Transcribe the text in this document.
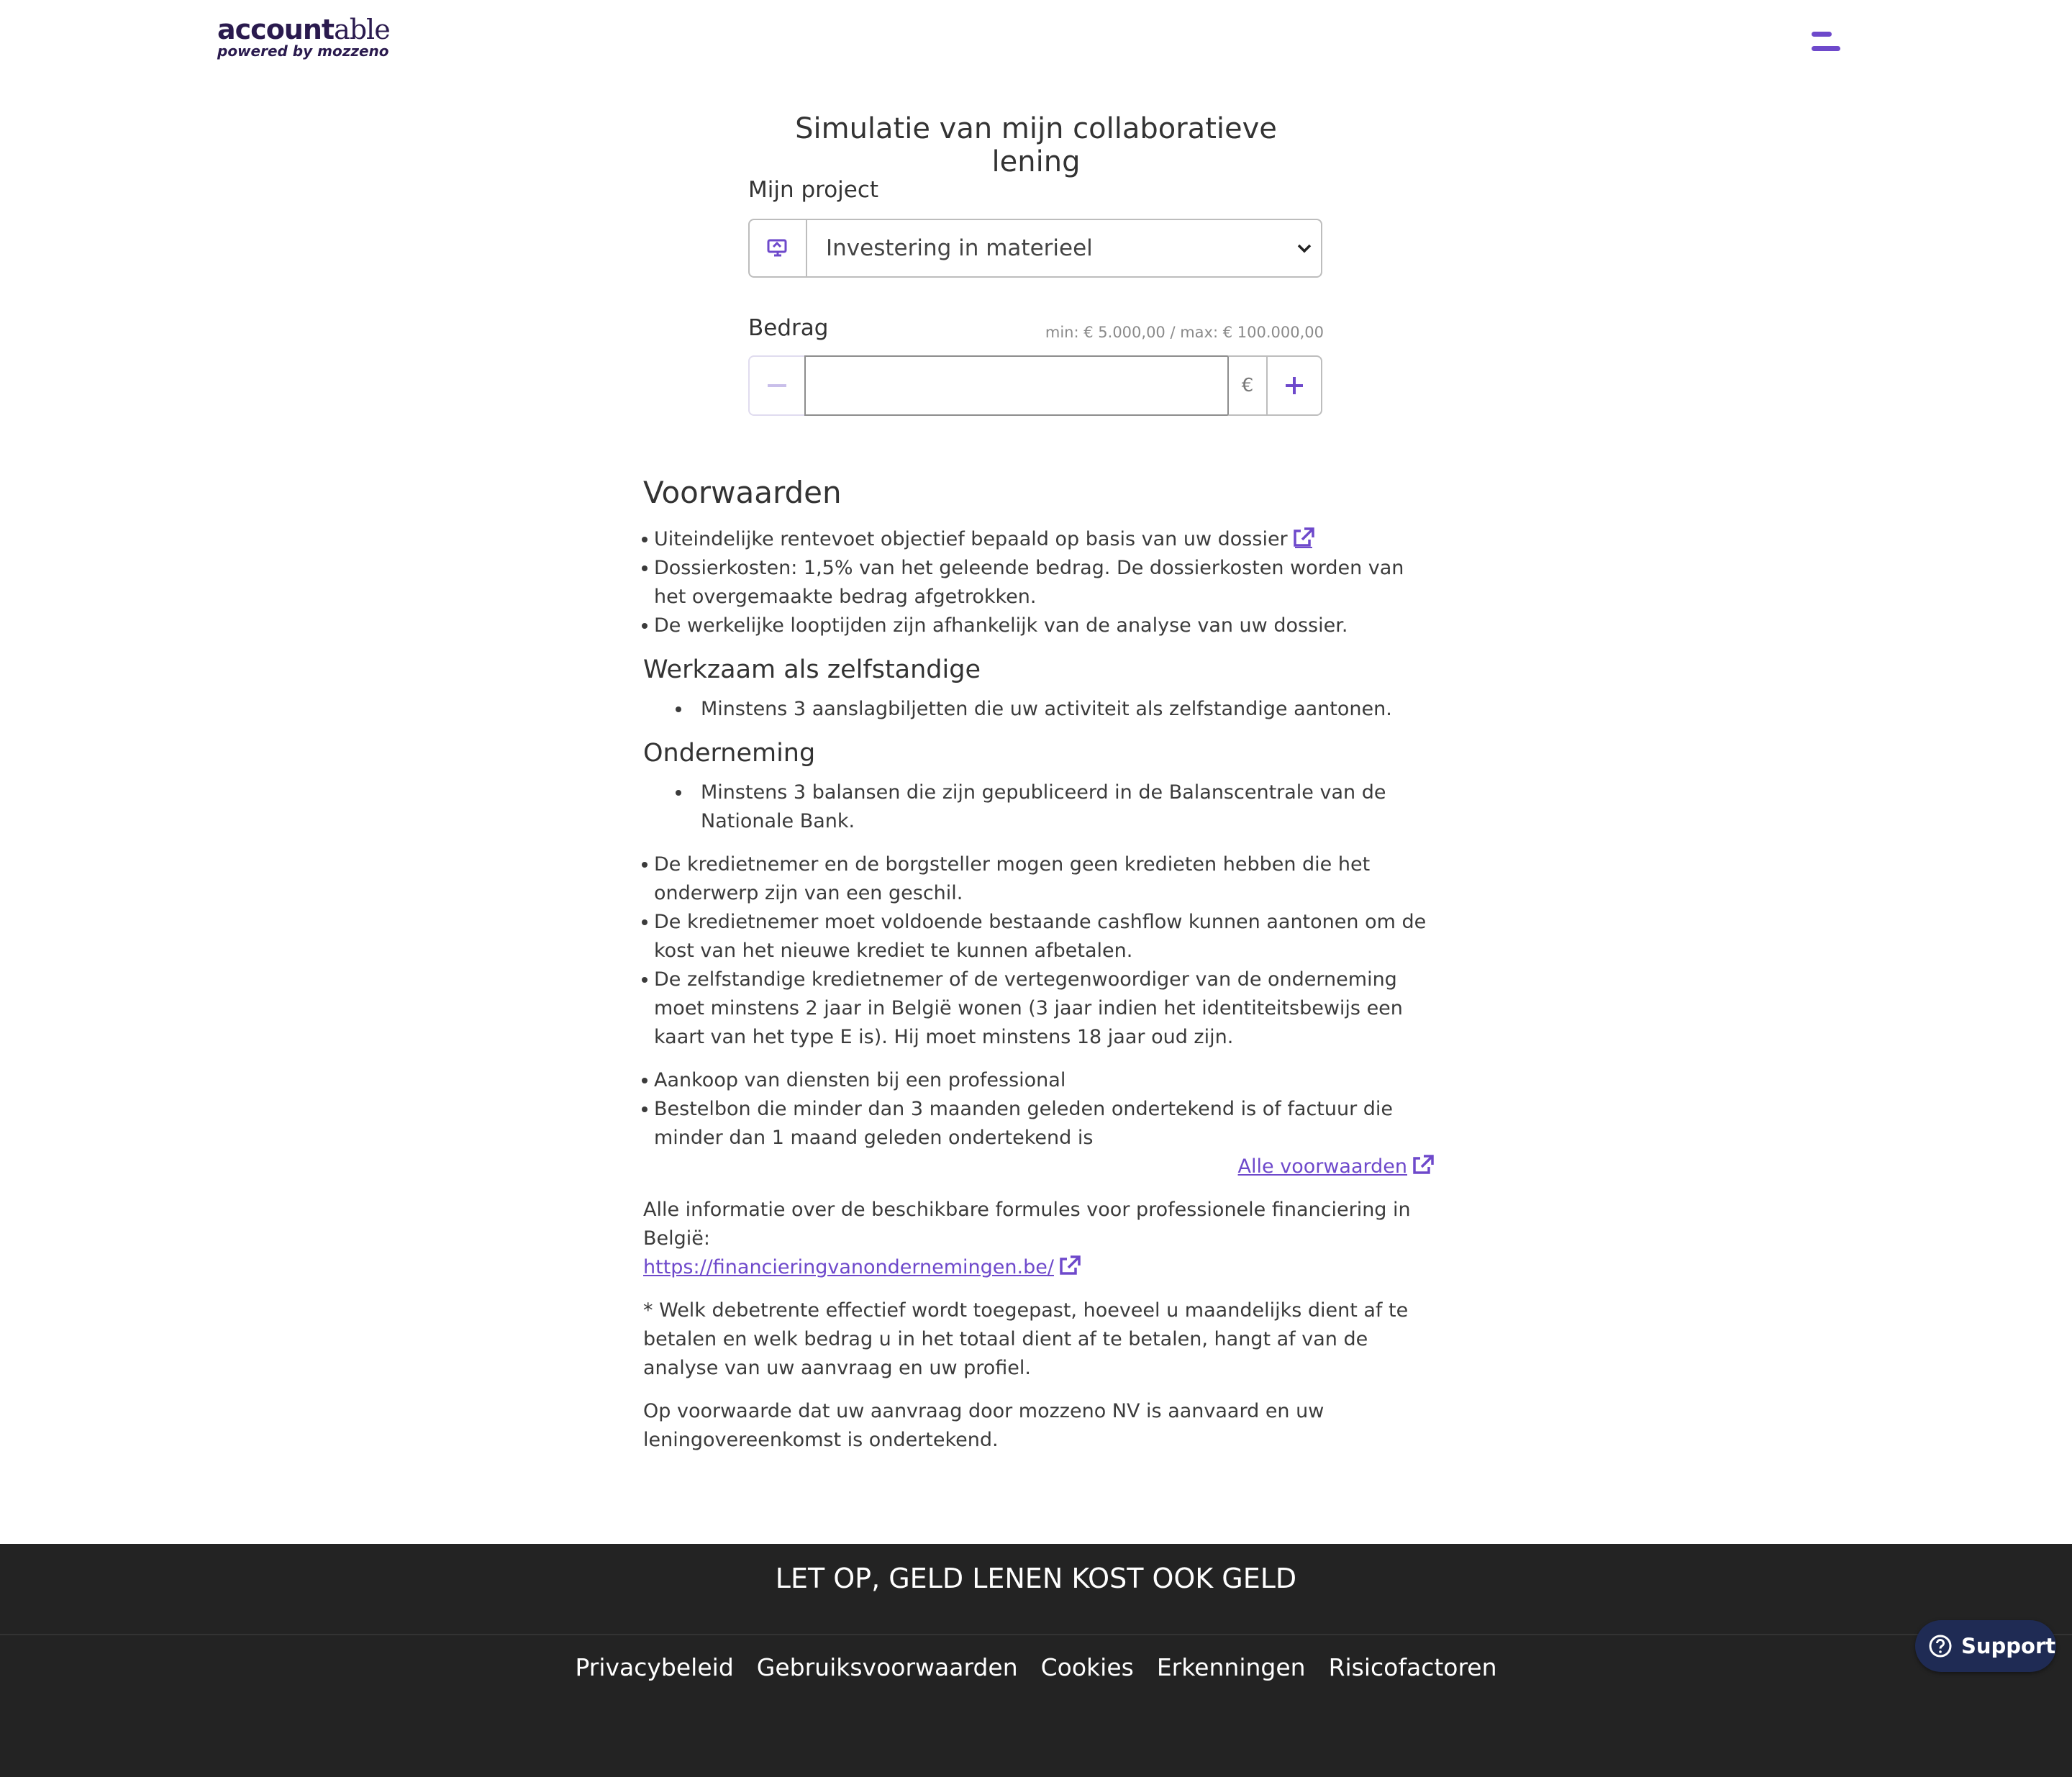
accountable
powered by mozzeno
Simulatie van mijn collaboratieve lening
Mijn project
Investering in materieel
Bedrag	min: € 5.000,00 / max: € 100.000,00
€
Voorwaarden
Uiteindelijke rentevoet objectief bepaald op basis van uw dossier
Dossierkosten: 1,5% van het geleende bedrag. De dossierkosten worden van het overgemaakte bedrag afgetrokken.
De werkelijke looptijden zijn afhankelijk van de analyse van uw dossier.
Werkzaam als zelfstandige
Minstens 3 aanslagbiljetten die uw activiteit als zelfstandige aantonen.
Onderneming
Minstens 3 balansen die zijn gepubliceerd in de Balanscentrale van de Nationale Bank.
De kredietnemer en de borgsteller mogen geen kredieten hebben die het onderwerp zijn van een geschil.
De kredietnemer moet voldoende bestaande cashflow kunnen aantonen om de kost van het nieuwe krediet te kunnen afbetalen.
De zelfstandige kredietnemer of de vertegenwoordiger van de onderneming moet minstens 2 jaar in België wonen (3 jaar indien het identiteitsbewijs een kaart van het type E is). Hij moet minstens 18 jaar oud zijn.
Aankoop van diensten bij een professional
Bestelbon die minder dan 3 maanden geleden ondertekend is of factuur die minder dan 1 maand geleden ondertekend is
Alle voorwaarden

Alle informatie over de beschikbare formules voor professionele financiering in België:
https://financieringvanondernemingen.be/

* Welk debetrente effectief wordt toegepast, hoeveel u maandelijks dient af te betalen en welk bedrag u in het totaal dient af te betalen, hangt af van de analyse van uw aanvraag en uw profiel.

Op voorwaarde dat uw aanvraag door mozzeno NV is aanvaard en uw leningovereenkomst is ondertekend.

LET OP, GELD LENEN KOST OOK GELD
Privacybeleid Gebruiksvoorwaarden Cookies Erkenningen Risicofactoren
Support
